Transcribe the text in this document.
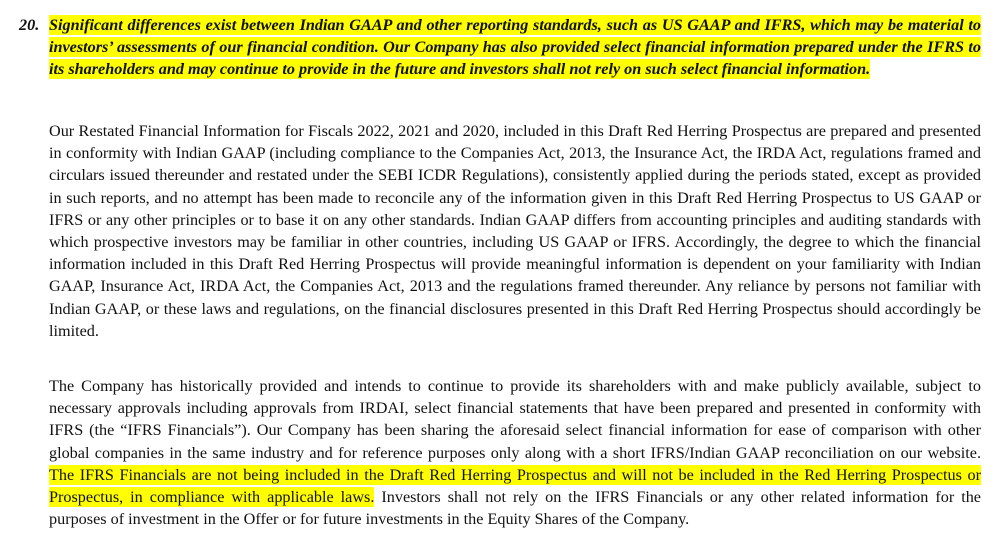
20. Significant differences exist between Indian GAAP and other reporting standards, such as US GAAP and IFRS, which may be material to investors’ assessments of our financial condition. Our Company has also provided select financial information prepared under the IFRS to its shareholders and may continue to provide in the future and investors shall not rely on such select financial information.
Our Restated Financial Information for Fiscals 2022, 2021 and 2020, included in this Draft Red Herring Prospectus are prepared and presented in conformity with Indian GAAP (including compliance to the Companies Act, 2013, the Insurance Act, the IRDA Act, regulations framed and circulars issued thereunder and restated under the SEBI ICDR Regulations), consistently applied during the periods stated, except as provided in such reports, and no attempt has been made to reconcile any of the information given in this Draft Red Herring Prospectus to US GAAP or IFRS or any other principles or to base it on any other standards. Indian GAAP differs from accounting principles and auditing standards with which prospective investors may be familiar in other countries, including US GAAP or IFRS. Accordingly, the degree to which the financial information included in this Draft Red Herring Prospectus will provide meaningful information is dependent on your familiarity with Indian GAAP, Insurance Act, IRDA Act, the Companies Act, 2013 and the regulations framed thereunder. Any reliance by persons not familiar with Indian GAAP, or these laws and regulations, on the financial disclosures presented in this Draft Red Herring Prospectus should accordingly be limited.
The Company has historically provided and intends to continue to provide its shareholders with and make publicly available, subject to necessary approvals including approvals from IRDAI, select financial statements that have been prepared and presented in conformity with IFRS (the “IFRS Financials”). Our Company has been sharing the aforesaid select financial information for ease of comparison with other global companies in the same industry and for reference purposes only along with a short IFRS/Indian GAAP reconciliation on our website. The IFRS Financials are not being included in the Draft Red Herring Prospectus and will not be included in the Red Herring Prospectus or Prospectus, in compliance with applicable laws. Investors shall not rely on the IFRS Financials or any other related information for the purposes of investment in the Offer or for future investments in the Equity Shares of the Company.
